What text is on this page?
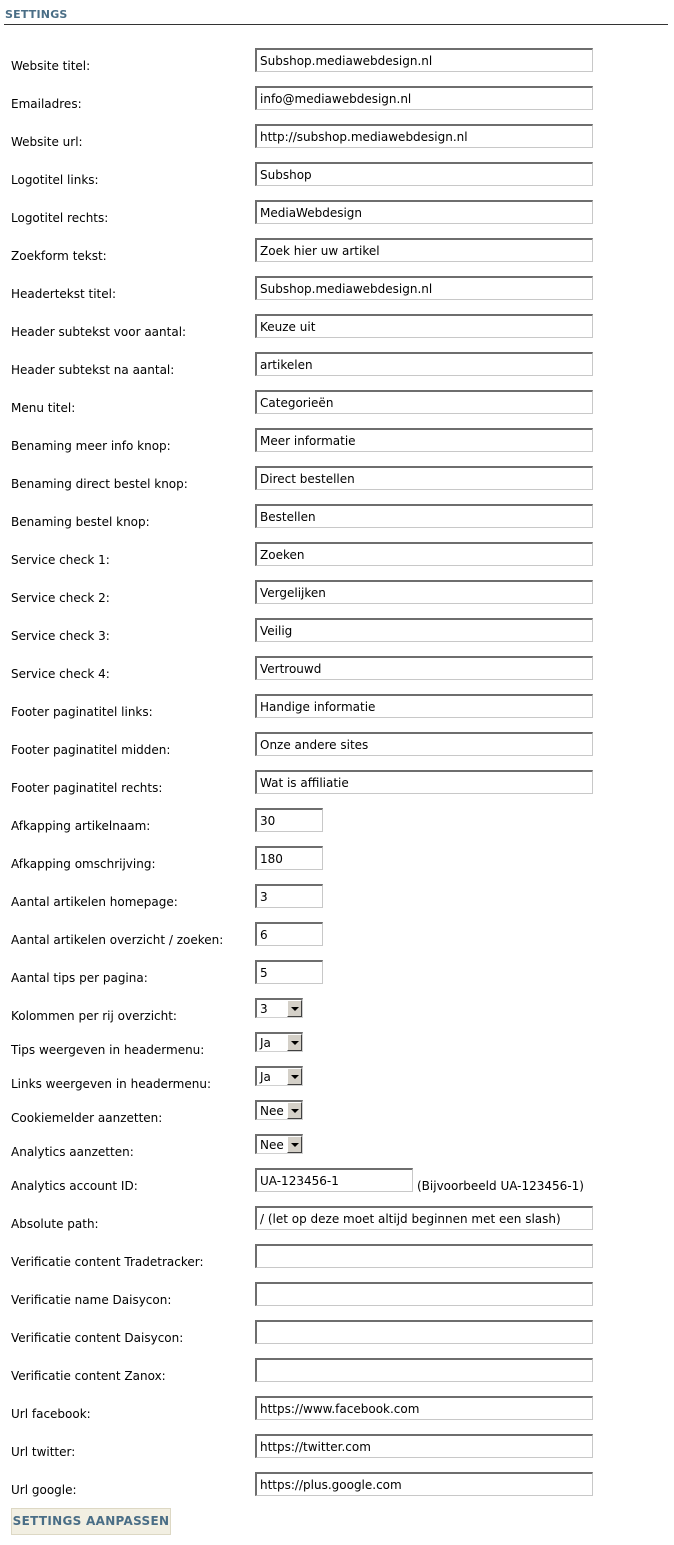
SETTINGS
Website titel:	Subshop.mediawebdesign.nl
Emailadres:	info@mediawebdesign.nl
Website url:	http://subshop.mediawebdesign.nl
Logotitel links:	Subshop
Logotitel rechts:	MediaWebdesign
Zoekform tekst:	Zoek hier uw artikel
Headertekst titel:	Subshop.mediawebdesign.nl
Header subtekst voor aantal:	Keuze uit
Header subtekst na aantal:	artikelen
Menu titel:	Categorieën
Benaming meer info knop:	Meer informatie
Benaming direct bestel knop:	Direct bestellen
Benaming bestel knop:	Bestellen
Service check 1:	Zoeken
Service check 2:	Vergelijken
Service check 3:	Veilig
Service check 4:	Vertrouwd
Footer paginatitel links:	Handige informatie
Footer paginatitel midden:	Onze andere sites
Footer paginatitel rechts:	Wat is affiliatie
Afkapping artikelnaam:	30
Afkapping omschrijving:	180
Aantal artikelen homepage:	3
Aantal artikelen overzicht / zoeken:	6
Aantal tips per pagina:	5
Kolommen per rij overzicht:	3
Tips weergeven in headermenu:	Ja
Links weergeven in headermenu:	Ja
Cookiemelder aanzetten:	Nee
Analytics aanzetten:	Nee
Analytics account ID:	UA-123456-1	(Bijvoorbeeld UA-123456-1)
Absolute path:	/ (let op deze moet altijd beginnen met een slash)
Verificatie content Tradetracker:
Verificatie name Daisycon:
Verificatie content Daisycon:
Verificatie content Zanox:
Url facebook:	https://www.facebook.com
Url twitter:	https://twitter.com
Url google:	https://plus.google.com
SETTINGS AANPASSEN
